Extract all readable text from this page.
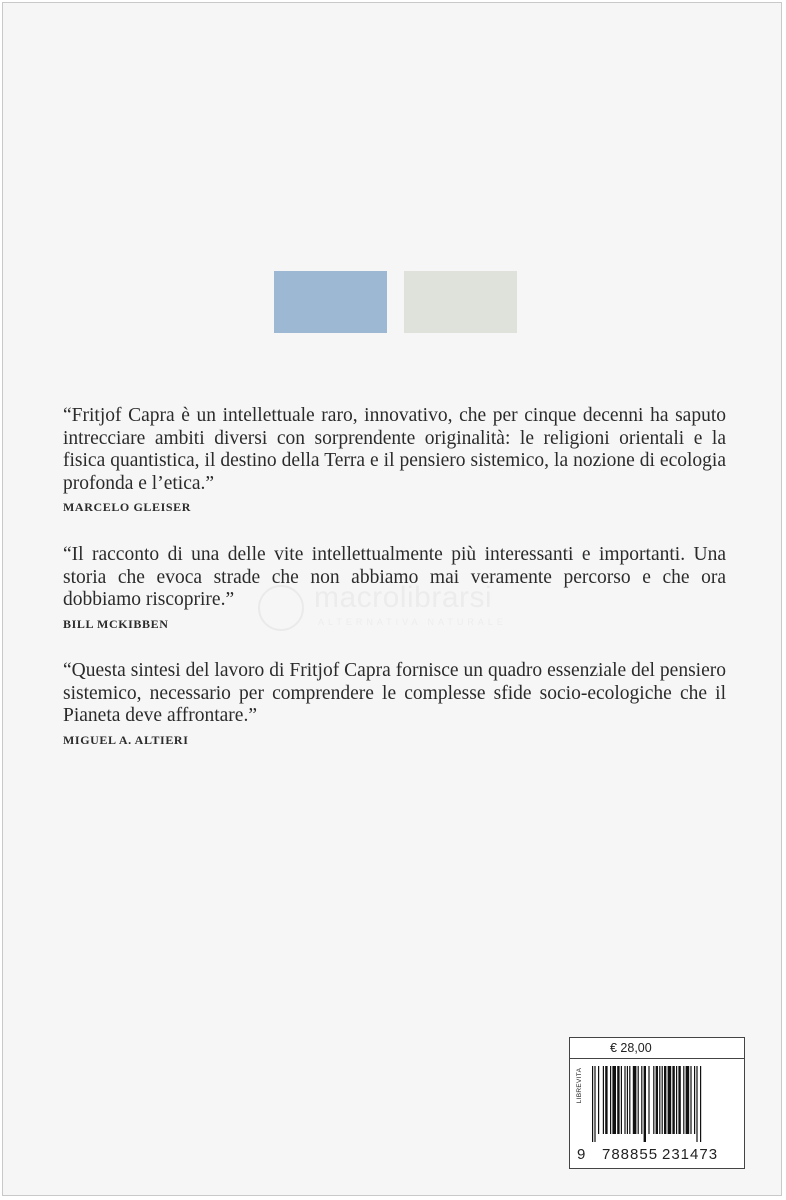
“Fritjof Capra è un intellettuale raro, innovativo, che per cinque decenni ha saputo intrecciare ambiti diversi con sorprendente originalità: le religioni orientali e la fisica quantistica, il destino della Terra e il pensiero sistemico, la nozione di ecologia profonda e l’etica.”

MARCELO GLEISER

“Il racconto di una delle vite intellettualmente più interessanti e importanti. Una storia che evoca strade che non abbiamo mai veramente percorso e che ora dobbiamo riscoprire.”

BILL MCKIBBEN

“Questa sintesi del lavoro di Fritjof Capra fornisce un quadro essenziale del pensiero sistemico, necessario per comprendere le complesse sfide socio-ecologiche che il Pianeta deve affrontare.”

MIGUEL A. ALTIERI
macrolibrarsi
ALTERNATIVA NATURALE
€ 28,00
LIBREVITA
9 788855 231473
